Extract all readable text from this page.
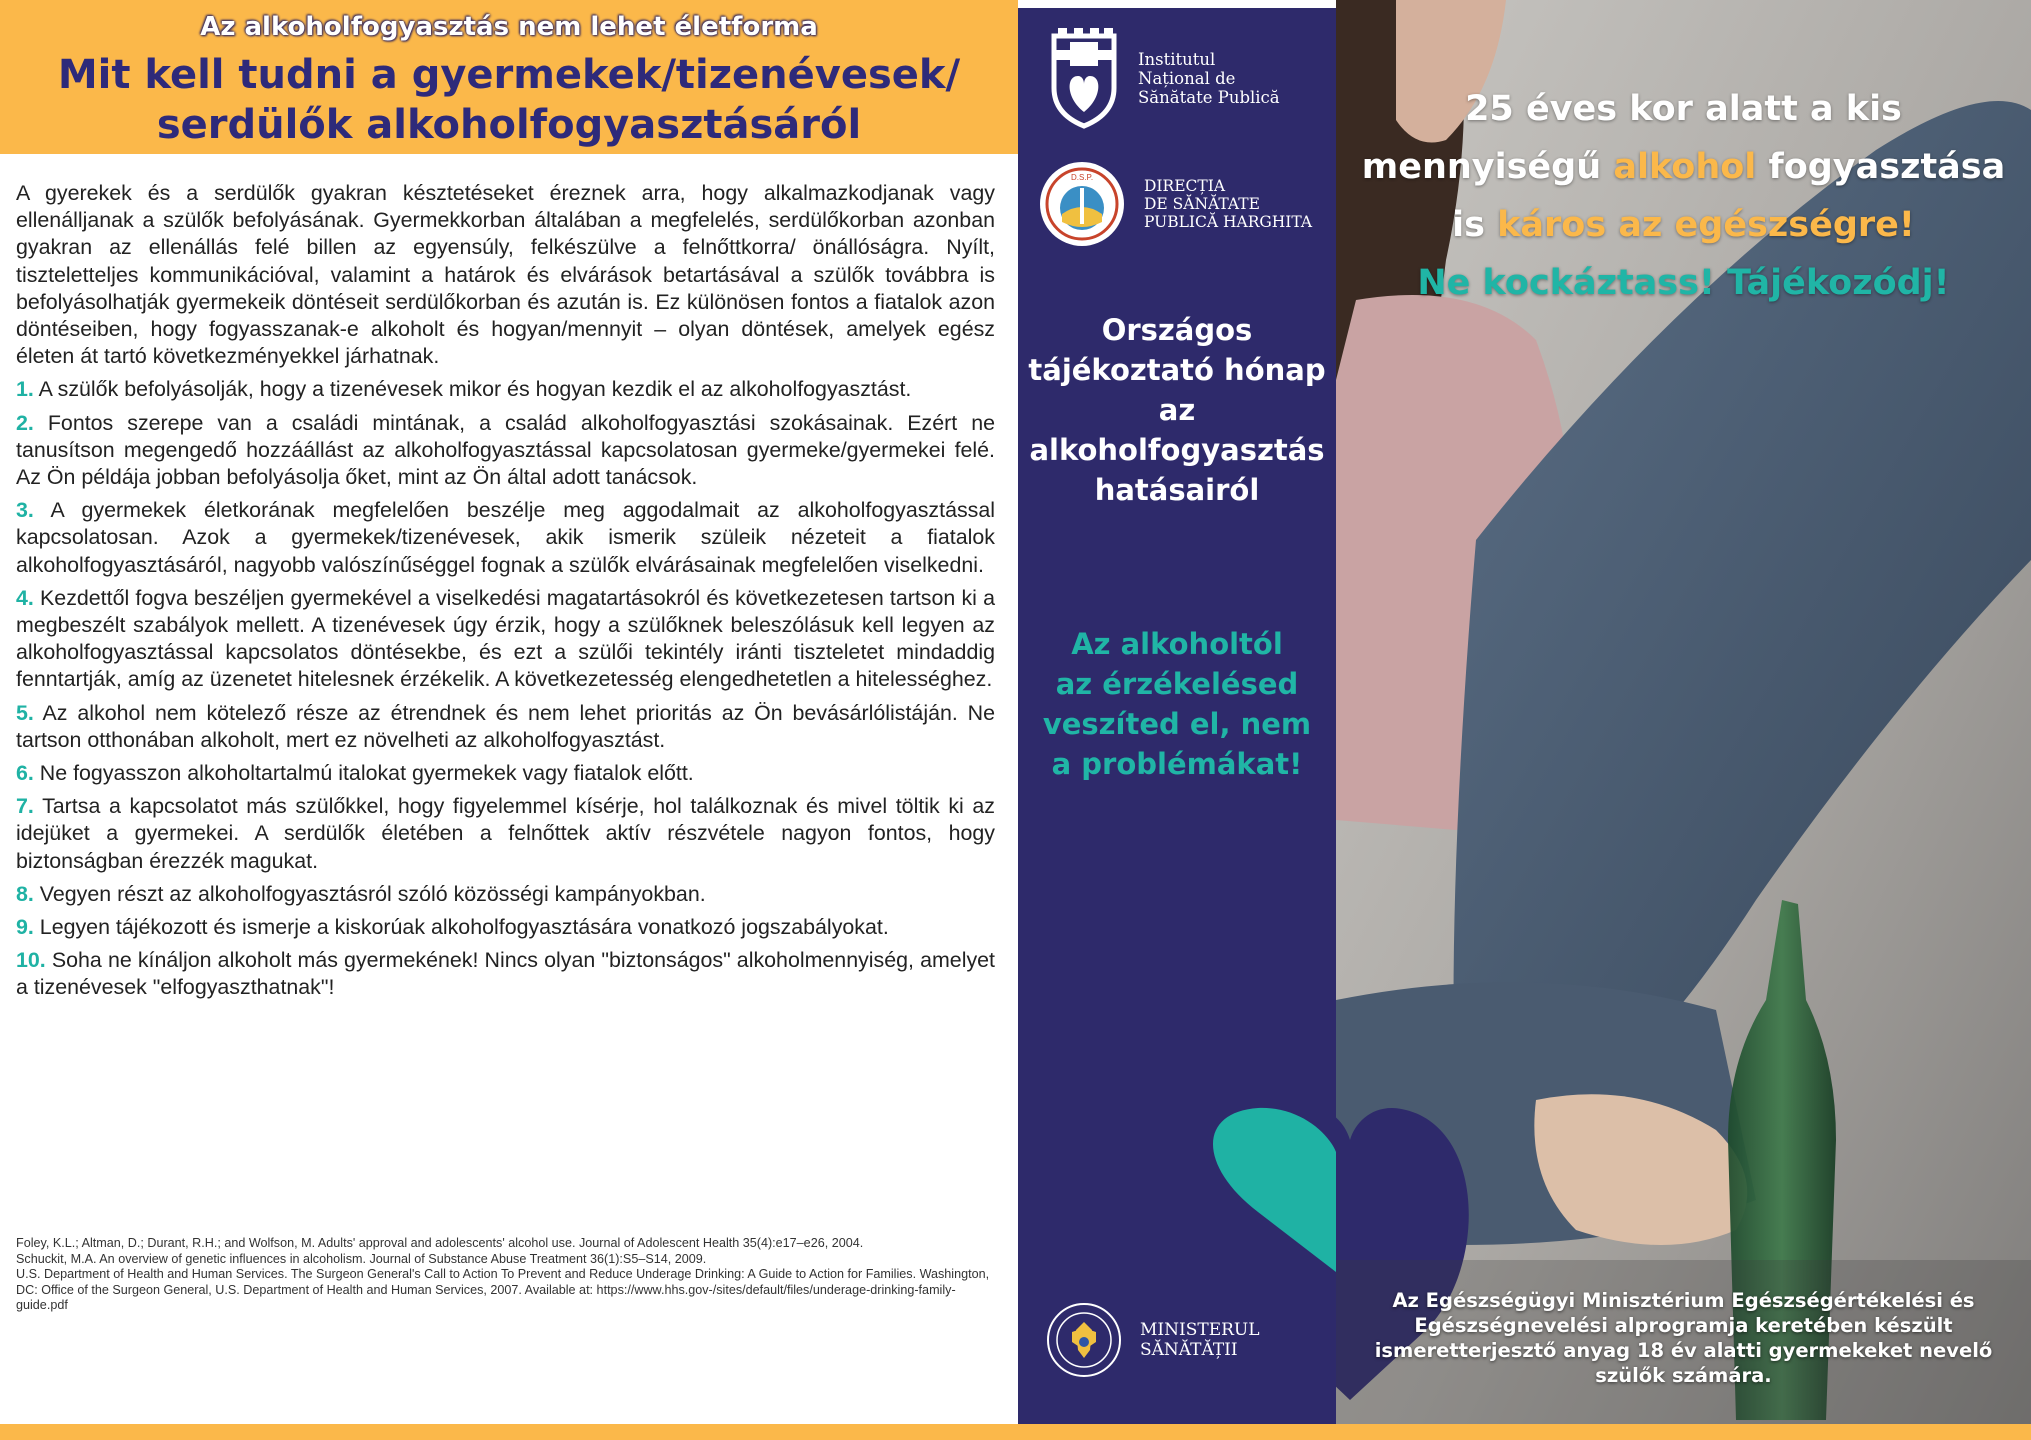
Az alkoholfogyasztás nem lehet életforma
Mit kell tudni a gyermekek/tizenévesek/
serdülők alkoholfogyasztásáról

A gyerekek és a serdülők gyakran késztetéseket éreznek arra, hogy alkalmazkodjanak vagy ellenálljanak a szülők befolyásának. Gyermekkorban általában a megfelelés, serdülőkorban azonban gyakran az ellenállás felé billen az egyensúly, felkészülve a felnőttkorra/ önállóságra. Nyílt, tiszteletteljes kommunikációval, valamint a határok és elvárások betartásával a szülők továbbra is befolyásolhatják gyermekeik döntéseit serdülőkorban és azután is. Ez különösen fontos a fiatalok azon döntéseiben, hogy fogyasszanak-e alkoholt és hogyan/mennyit – olyan döntések, amelyek egész életen át tartó következményekkel járhatnak.

1. A szülők befolyásolják, hogy a tizenévesek mikor és hogyan kezdik el az alkoholfogyasztást.

2. Fontos szerepe van a családi mintának, a család alkoholfogyasztási szokásainak. Ezért ne tanusítson megengedő hozzáállást az alkoholfogyasztással kapcsolatosan gyermeke/gyermekei felé. Az Ön példája jobban befolyásolja őket, mint az Ön által adott tanácsok.

3. A gyermekek életkorának megfelelően beszélje meg aggodalmait az alkoholfogyasztással kapcsolatosan. Azok a gyermekek/tizenévesek, akik ismerik szüleik nézeteit a fiatalok alkoholfogyasztásáról, nagyobb valószínűséggel fognak a szülők elvárásainak megfelelően viselkedni.

4. Kezdettől fogva beszéljen gyermekével a viselkedési magatartásokról és következetesen tartson ki a megbeszélt szabályok mellett. A tizenévesek úgy érzik, hogy a szülőknek beleszólásuk kell legyen az alkoholfogyasztással kapcsolatos döntésekbe, és ezt a szülői tekintély iránti tiszteletet mindaddig fenntartják, amíg az üzenetet hitelesnek érzékelik. A következetesség elengedhetetlen a hitelességhez.

5. Az alkohol nem kötelező része az étrendnek és nem lehet prioritás az Ön bevásárlólistáján. Ne tartson otthonában alkoholt, mert ez növelheti az alkoholfogyasztást.

6. Ne fogyasszon alkoholtartalmú italokat gyermekek vagy fiatalok előtt.

7. Tartsa a kapcsolatot más szülőkkel, hogy figyelemmel kísérje, hol találkoznak és mivel töltik ki az idejüket a gyermekei. A serdülők életében a felnőttek aktív részvétele nagyon fontos, hogy biztonságban érezzék magukat.

8. Vegyen részt az alkoholfogyasztásról szóló közösségi kampányokban.

9. Legyen tájékozott és ismerje a kiskorúak alkoholfogyasztására vonatkozó jogszabályokat.

10. Soha ne kínáljon alkoholt más gyermekének! Nincs olyan "biztonságos" alkoholmennyiség, amelyet a tizenévesek "elfogyaszthatnak"!

Foley, K.L.; Altman, D.; Durant, R.H.; and Wolfson, M. Adults' approval and adolescents' alcohol use. Journal of Adolescent Health 35(4):e17–e26, 2004.
Schuckit, M.A. An overview of genetic influences in alcoholism. Journal of Substance Abuse Treatment 36(1):S5–S14, 2009.
U.S. Department of Health and Human Services. The Surgeon General's Call to Action To Prevent and Reduce Underage Drinking: A Guide to Action for Families. Washington, DC: Office of the Surgeon General, U.S. Department of Health and Human Services, 2007. Available at: https://www.hhs.gov-/sites/default/files/underage-drinking-family-guide.pdf
Institutul
Național de
Sănătate Publică
D.S.P.	DIRECȚIA
DE SĂNĂTATE
PUBLICĂ HARGHITA
Országos
tájékoztató hónap
az
alkoholfogyasztás
hatásairól
Az alkoholtól
az érzékelésed
veszíted el, nem
a problémákat!
MINISTERUL
SĂNĂTĂȚII
25 éves kor alatt a kis
mennyiségű alkohol fogyasztása
is káros az egészségre!
Ne kockáztass! Tájékozódj!
Az Egészségügyi Minisztérium Egészségértékelési és Egészségnevelési alprogramja keretében készült ismeretterjesztő anyag 18 év alatti gyermekeket nevelő szülők számára.
